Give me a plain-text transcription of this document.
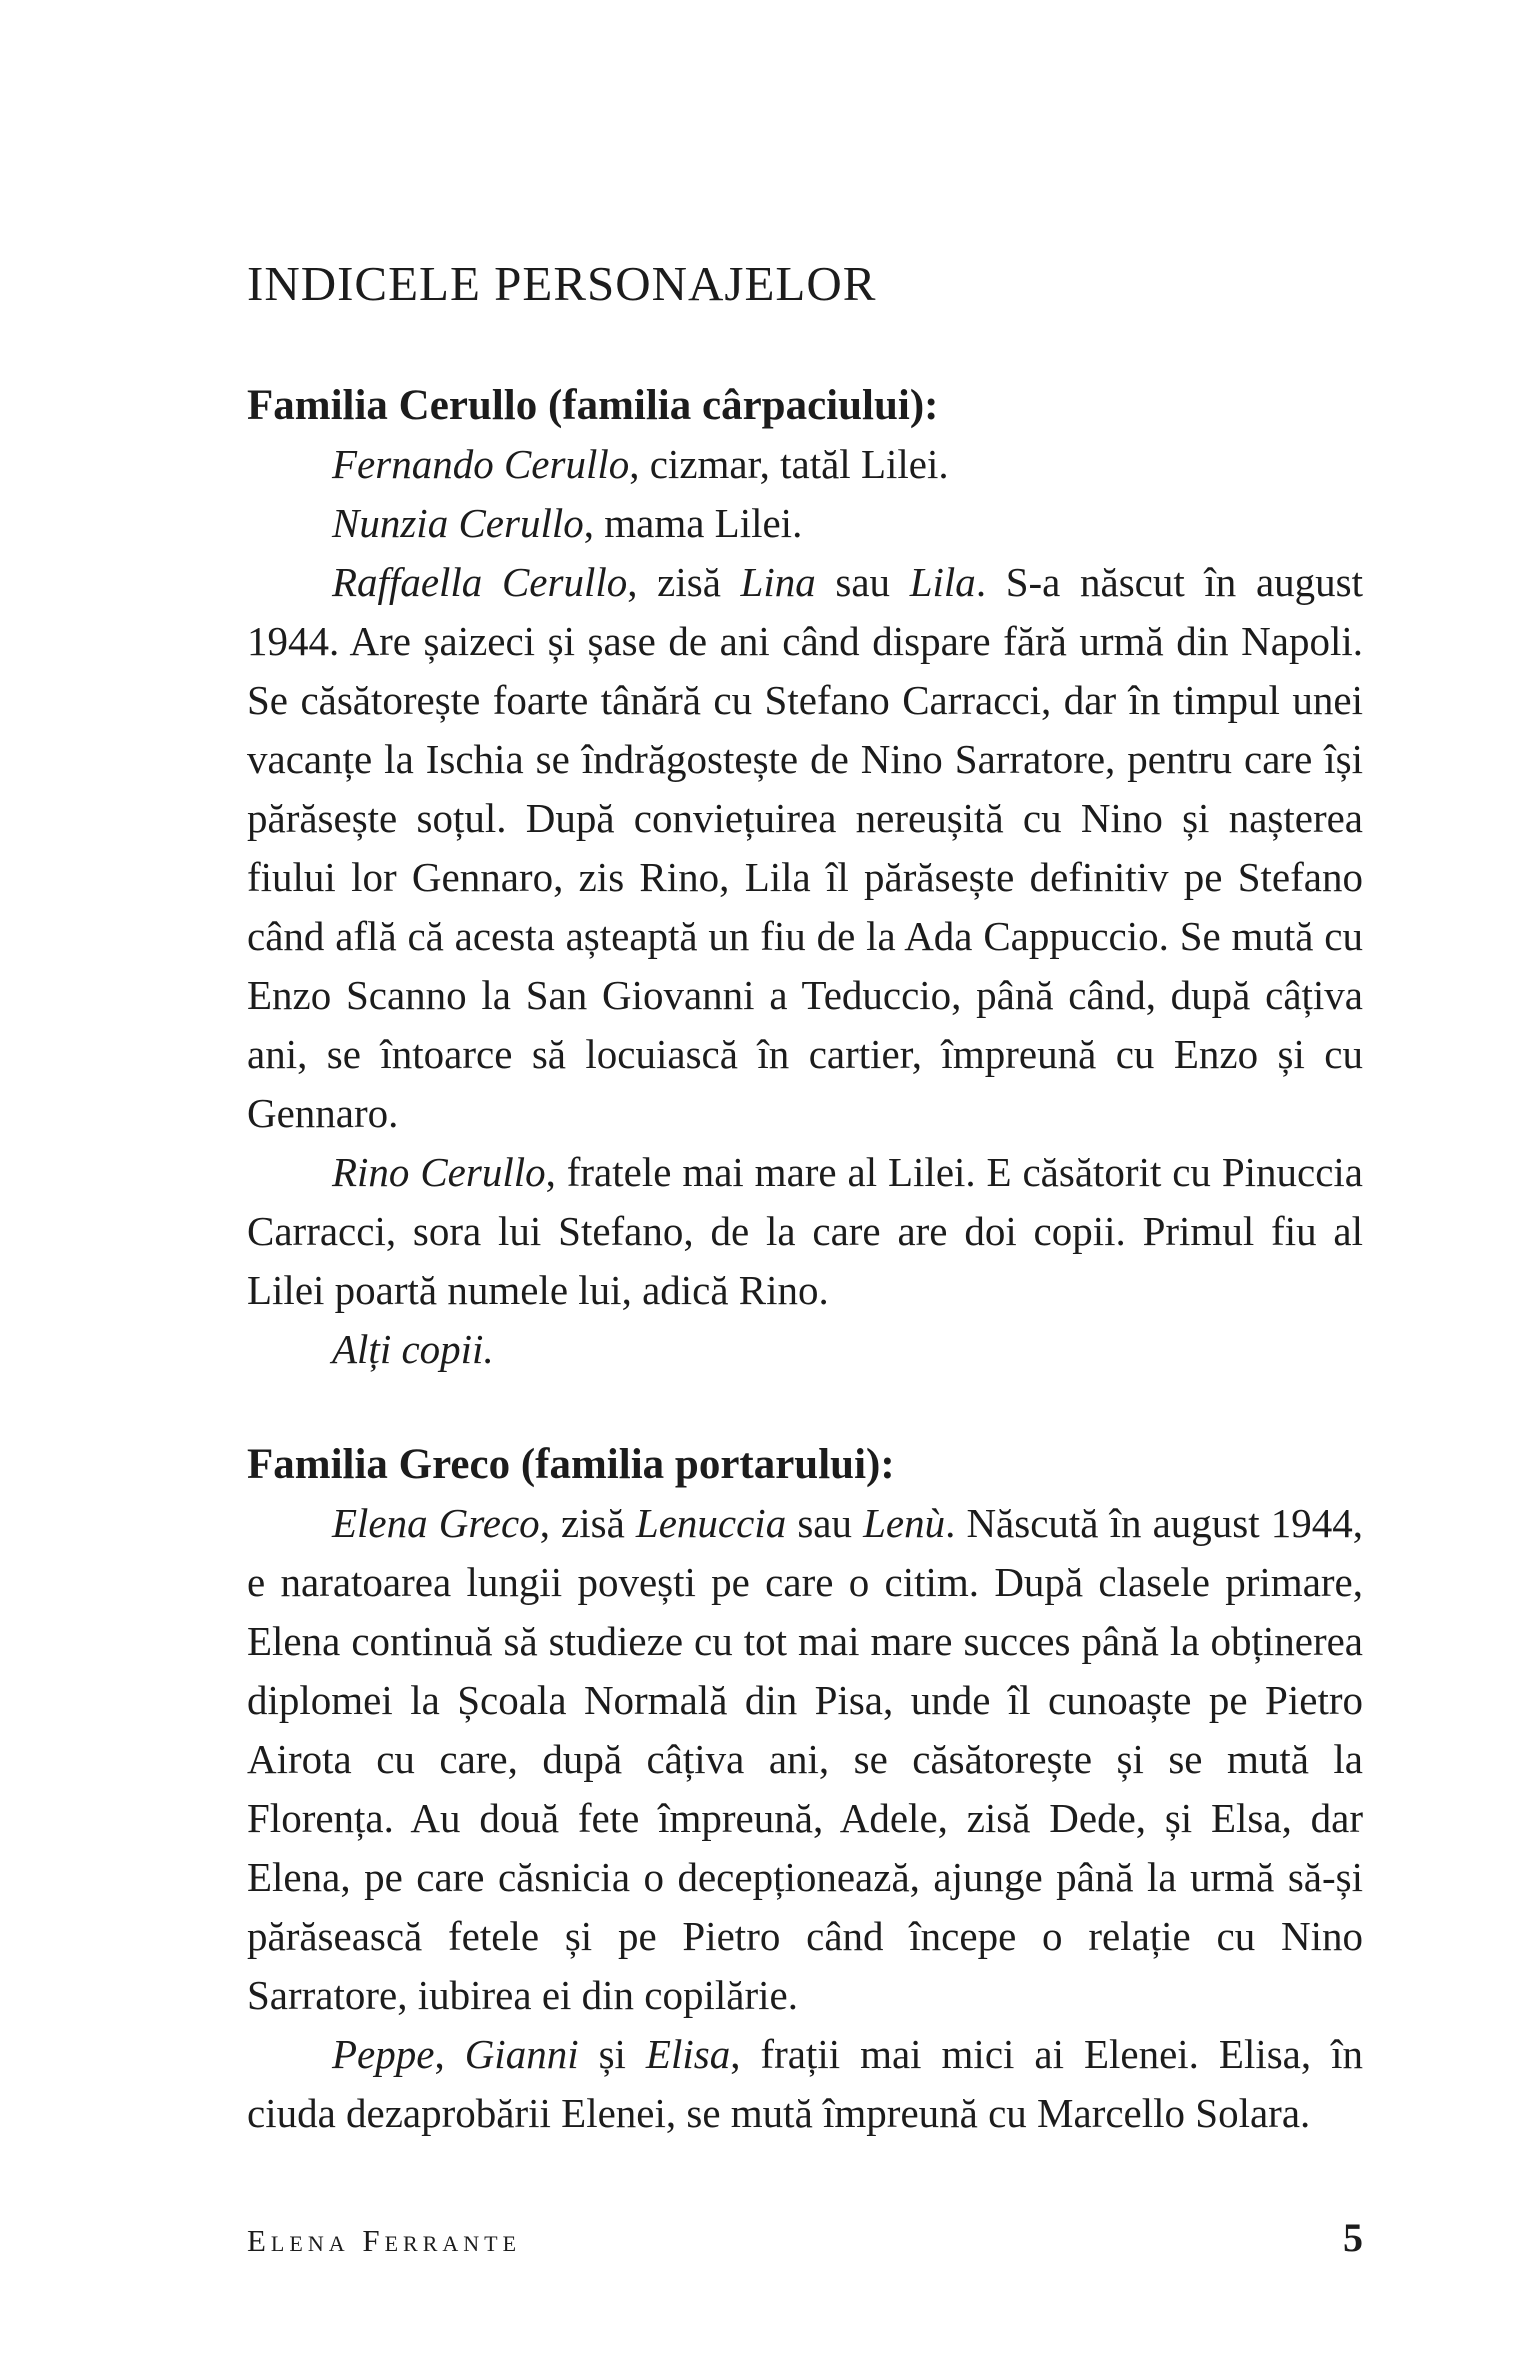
INDICELE PERSONAJELOR
Familia Cerullo (familia cârpaciului):

Fernando Cerullo, cizmar, tatăl Lilei.

Nunzia Cerullo, mama Lilei.

Raffaella Cerullo, zisă Lina sau Lila. S-a născut în august 1944. Are șaizeci și șase de ani când dispare fără urmă din Napoli. Se căsătorește foarte tânără cu Stefano Carracci, dar în timpul unei vacanțe la Ischia se îndrăgostește de Nino Sarratore, pentru care își părăsește soțul. După conviețuirea nereușită cu Nino și nașterea fiului lor Gennaro, zis Rino, Lila îl părăsește definitiv pe Stefano când află că acesta așteaptă un fiu de la Ada Cappuccio. Se mută cu Enzo Scanno la San Giovanni a Teduccio, până când, după câțiva ani, se întoarce să locuiască în cartier, împreună cu Enzo și cu Gennaro.

Rino Cerullo, fratele mai mare al Lilei. E căsătorit cu Pinuccia Carracci, sora lui Stefano, de la care are doi copii. Primul fiu al Lilei poartă numele lui, adică Rino.

Alți copii.

Familia Greco (familia portarului):

Elena Greco, zisă Lenuccia sau Lenù. Născută în august 1944, e naratoarea lungii povești pe care o citim. După clasele primare, Elena continuă să studieze cu tot mai mare succes până la obținerea diplomei la Școala Normală din Pisa, unde îl cunoaște pe Pietro Airota cu care, după câțiva ani, se căsătorește și se mută la Florența. Au două fete împreună, Adele, zisă Dede, și Elsa, dar Elena, pe care căsnicia o decepționează, ajunge până la urmă să-și părăsească fetele și pe Pietro când începe o relație cu Nino Sarratore, iubirea ei din copilărie.

Peppe, Gianni și Elisa, frații mai mici ai Elenei. Elisa, în ciuda dezaprobării Elenei, se mută împreună cu Marcello Solara.

Elena Ferrante	5
